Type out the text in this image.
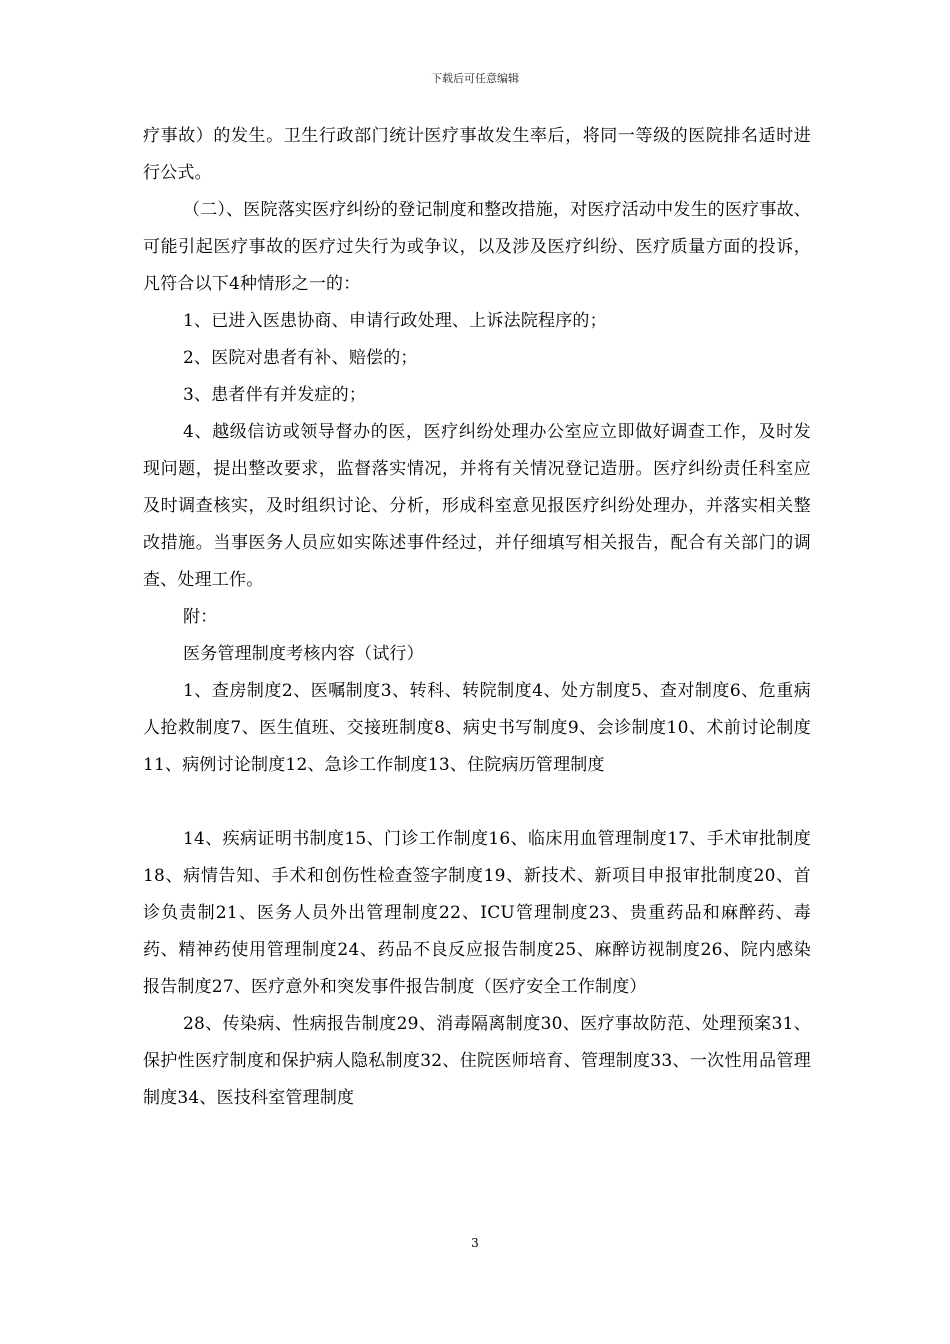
下载后可任意编辑

疗事故）的发生。卫生行政部门统计医疗事故发生率后，将同一等级的医院排名适时进行公式。

（二）、医院落实医疗纠纷的登记制度和整改措施，对医疗活动中发生的医疗事故、可能引起医疗事故的医疗过失行为或争议，以及涉及医疗纠纷、医疗质量方面的投诉，凡符合以下4种情形之一的：

1、已进入医患协商、申请行政处理、上诉法院程序的；

2、医院对患者有补、赔偿的；

3、患者伴有并发症的；

4、越级信访或领导督办的医，医疗纠纷处理办公室应立即做好调查工作，及时发现问题，提出整改要求，监督落实情况，并将有关情况登记造册。医疗纠纷责任科室应及时调查核实，及时组织讨论、分析，形成科室意见报医疗纠纷处理办，并落实相关整改措施。当事医务人员应如实陈述事件经过，并仔细填写相关报告，配合有关部门的调查、处理工作。

附：

医务管理制度考核内容（试行）

1、查房制度2、医嘱制度3、转科、转院制度4、处方制度5、查对制度6、危重病人抢救制度7、医生值班、交接班制度8、病史书写制度9、会诊制度10、术前讨论制度11、病例讨论制度12、急诊工作制度13、住院病历管理制度

14、疾病证明书制度15、门诊工作制度16、临床用血管理制度17、手术审批制度18、病情告知、手术和创伤性检查签字制度19、新技术、新项目申报审批制度20、首诊负责制21、医务人员外出管理制度22、ICU管理制度23、贵重药品和麻醉药、毒药、精神药使用管理制度24、药品不良反应报告制度25、麻醉访视制度26、院内感染报告制度27、医疗意外和突发事件报告制度（医疗安全工作制度）

28、传染病、性病报告制度29、消毒隔离制度30、医疗事故防范、处理预案31、保护性医疗制度和保护病人隐私制度32、住院医师培育、管理制度33、一次性用品管理制度34、医技科室管理制度

3
